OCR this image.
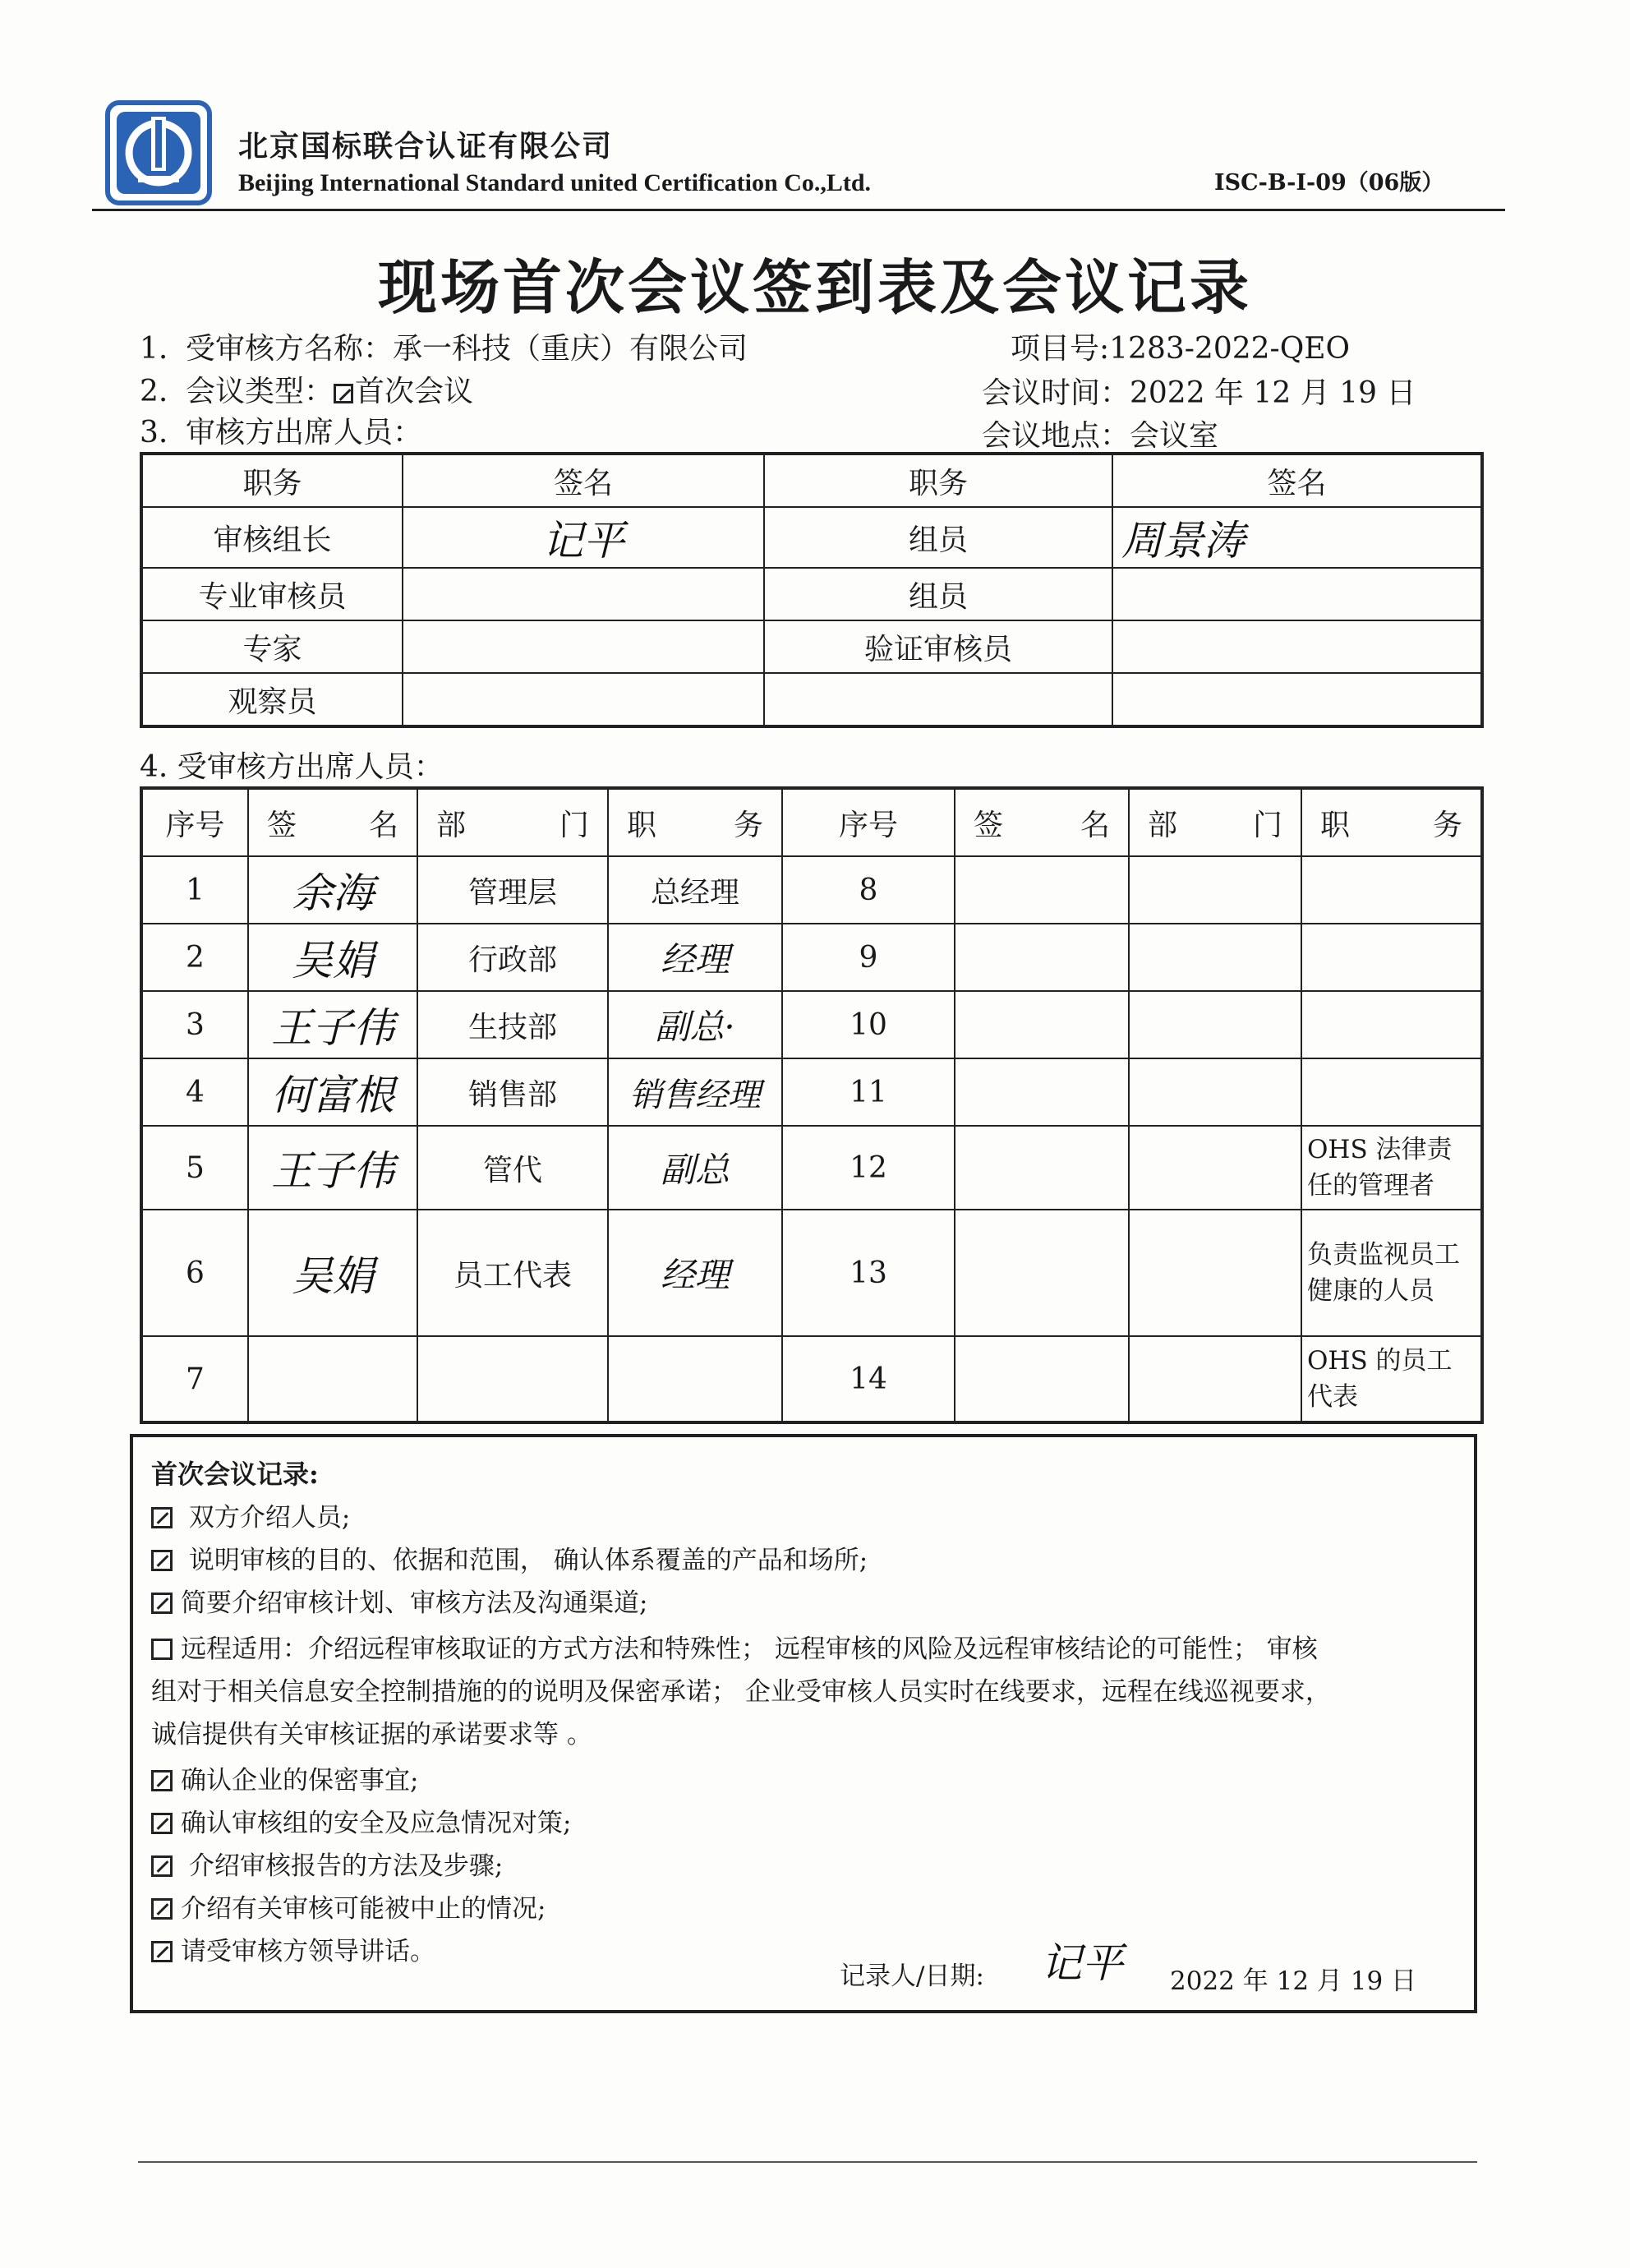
北京国标联合认证有限公司
Beijing International Standard united Certification Co.,Ltd.	ISC-B-I-09（06版）
现场首次会议签到表及会议记录
1. 受审核方名称：承一科技（重庆）有限公司	项目号:1283-2022-QEO
2. 会议类型： 首次会议	会议时间：2022 年 12 月 19 日
3. 审核方出席人员：	会议地点：会议室
职务	签名	职务	签名
审核组长	记平	组员	周景涛
专业审核员		组员	
专家		验证审核员	
观察员			
4. 受审核方出席人员：
序号	签 名	部 门	职 务	序号	签 名	部 门	职 务

1	余海	管理层	总经理	8			
2	吴娟	行政部	经理	9			
3	王子伟	生技部	副总·	10			
4	何富根	销售部	销售经理	11			
5	王子伟	管代	副总	12			OHS 法律责任的管理者
6	吴娟	员工代表	经理	13			负责监视员工健康的人员
7				14			OHS 的员工代表
首次会议记录:
双方介绍人员;
说明审核的目的、依据和范围， 确认体系覆盖的产品和场所;
简要介绍审核计划、审核方法及沟通渠道;
远程适用：介绍远程审核取证的方式方法和特殊性； 远程审核的风险及远程审核结论的可能性； 审核
组对于相关信息安全控制措施的的说明及保密承诺； 企业受审核人员实时在线要求，远程在线巡视要求，
诚信提供有关审核证据的承诺要求等 。
确认企业的保密事宜;
确认审核组的安全及应急情况对策;
介绍审核报告的方法及步骤;
介绍有关审核可能被中止的情况;
请受审核方领导讲话。
记录人/日期: 记平 2022 年 12 月 19 日
